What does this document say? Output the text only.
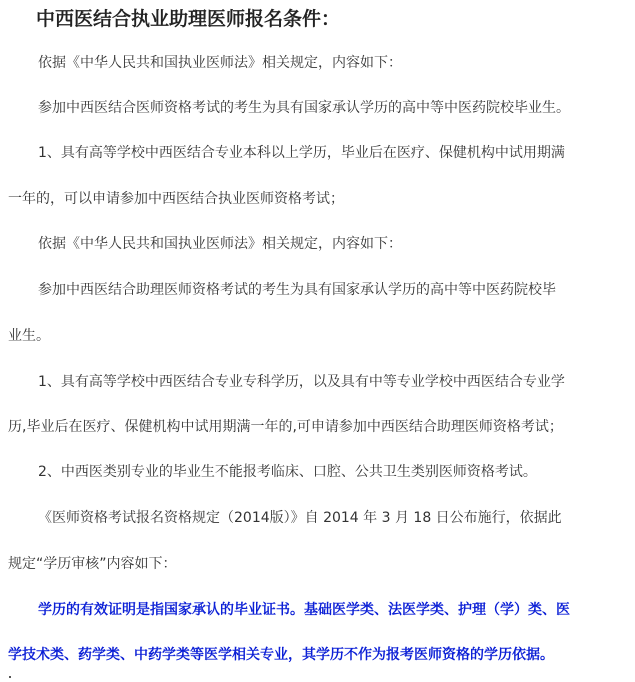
中西医结合执业助理医师报名条件：

依据《中华人民共和国执业医师法》相关规定，内容如下：

参加中西医结合医师资格考试的考生为具有国家承认学历的高中等中医药院校毕业生。

1、具有高等学校中西医结合专业本科以上学历，毕业后在医疗、保健机构中试用期满

一年的，可以申请参加中西医结合执业医师资格考试；

依据《中华人民共和国执业医师法》相关规定，内容如下：

参加中西医结合助理医师资格考试的考生为具有国家承认学历的高中等中医药院校毕

业生。

1、具有高等学校中西医结合专业专科学历，以及具有中等专业学校中西医结合专业学

历,毕业后在医疗、保健机构中试用期满一年的,可申请参加中西医结合助理医师资格考试；

2、中西医类别专业的毕业生不能报考临床、口腔、公共卫生类别医师资格考试。

《医师资格考试报名资格规定（2014版）》自 2014 年 3 月 18 日公布施行，依据此

规定“学历审核”内容如下：

学历的有效证明是指国家承认的毕业证书。基础医学类、法医学类、护理（学）类、医

学技术类、药学类、中药学类等医学相关专业，其学历不作为报考医师资格的学历依据。
